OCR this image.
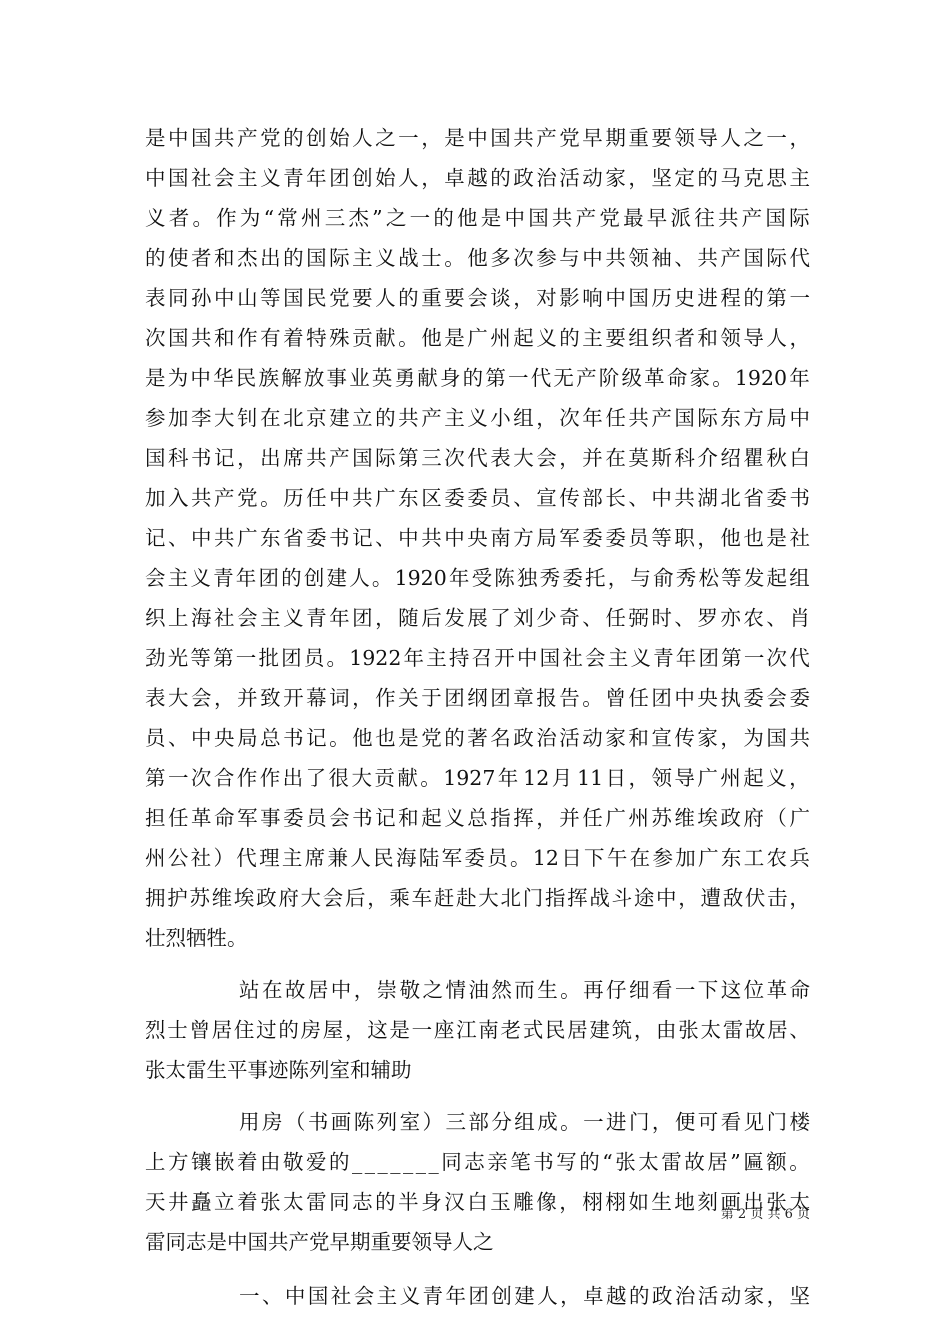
是 中 国 共 产 党 的 创 始 人 之 一 ， 是 中 国 共 产 党 早 期 重 要 领 导 人 之 一 ，
中 国 社 会 主 义 青 年 团 创 始 人 ， 卓 越 的 政 治 活 动 家 ， 坚 定 的 马 克 思 主
义 者 。 作 为 “ 常 州 三 杰 ” 之 一 的 他 是 中 国 共 产 党 最 早 派 往 共 产 国 际
的 使 者 和 杰 出 的 国 际 主 义 战 士 。 他 多 次 参 与 中 共 领 袖 、 共 产 国 际 代
表 同 孙 中 山 等 国 民 党 要 人 的 重 要 会 谈 ， 对 影 响 中 国 历 史 进 程 的 第 一
次 国 共 和 作 有 着 特 殊 贡 献 。 他 是 广 州 起 义 的 主 要 组 织 者 和 领 导 人 ，
是 为 中 华 民 族 解 放 事 业 英 勇 献 身 的 第 一 代 无 产 阶 级 革 命 家 。 1920 年
参 加 李 大 钊 在 北 京 建 立 的 共 产 主 义 小 组 ， 次 年 任 共 产 国 际 东 方 局 中
国 科 书 记 ， 出 席 共 产 国 际 第 三 次 代 表 大 会 ， 并 在 莫 斯 科 介 绍 瞿 秋 白
加 入 共 产 党 。 历 任 中 共 广 东 区 委 委 员 、 宣 传 部 长 、 中 共 湖 北 省 委 书
记 、 中 共 广 东 省 委 书 记 、 中 共 中 央 南 方 局 军 委 委 员 等 职 ， 他 也 是 社
会 主 义 青 年 团 的 创 建 人 。 1920 年 受 陈 独 秀 委 托 ， 与 俞 秀 松 等 发 起 组
织 上 海 社 会 主 义 青 年 团 ， 随 后 发 展 了 刘 少 奇 、 任 弼 时 、 罗 亦 农 、 肖
劲 光 等 第 一 批 团 员 。 1922 年 主 持 召 开 中 国 社 会 主 义 青 年 团 第 一 次 代
表 大 会 ， 并 致 开 幕 词 ， 作 关 于 团 纲 团 章 报 告 。 曾 任 团 中 央 执 委 会 委
员 、 中 央 局 总 书 记 。 他 也 是 党 的 著 名 政 治 活 动 家 和 宣 传 家 ， 为 国 共
第 一 次 合 作 作 出 了 很 大 贡 献 。 1927 年 12 月 11 日 ， 领 导 广 州 起 义 ，
担 任 革 命 军 事 委 员 会 书 记 和 起 义 总 指 挥 ， 并 任 广 州 苏 维 埃 政 府 （ 广
州 公 社 ） 代 理 主 席 兼 人 民 海 陆 军 委 员 。 12 日 下 午 在 参 加 广 东 工 农 兵
拥 护 苏 维 埃 政 府 大 会 后 ， 乘 车 赶 赴 大 北 门 指 挥 战 斗 途 中 ， 遭 敌 伏 击 ，
壮烈牺牲。
站 在 故 居 中 ， 崇 敬 之 情 油 然 而 生 。 再 仔 细 看 一 下 这 位 革 命
烈 士 曾 居 住 过 的 房 屋 ， 这 是 一 座 江 南 老 式 民 居 建 筑 ， 由 张 太 雷 故 居 、
张太雷生平事迹陈列室和辅助
用 房 （ 书 画 陈 列 室 ） 三 部 分 组 成 。 一 进 门 ， 便 可 看 见 门 楼
上 方 镶 嵌 着 由 敬 爱 的 _ _ _ _ _ _ _ 同 志 亲 笔 书 写 的 “ 张 太 雷 故 居 ” 匾 额 。
天 井 矗 立 着 张 太 雷 同 志 的 半 身 汉 白 玉 雕 像 ， 栩 栩 如 生 地 刻 画 出 张 太
雷同志是中国共产党早期重要领导人之
一 、 中 国 社 会 主 义 青 年 团 创 建 人 ， 卓 越 的 政 治 活 动 家 ， 坚
第 2 页 共 6 页
